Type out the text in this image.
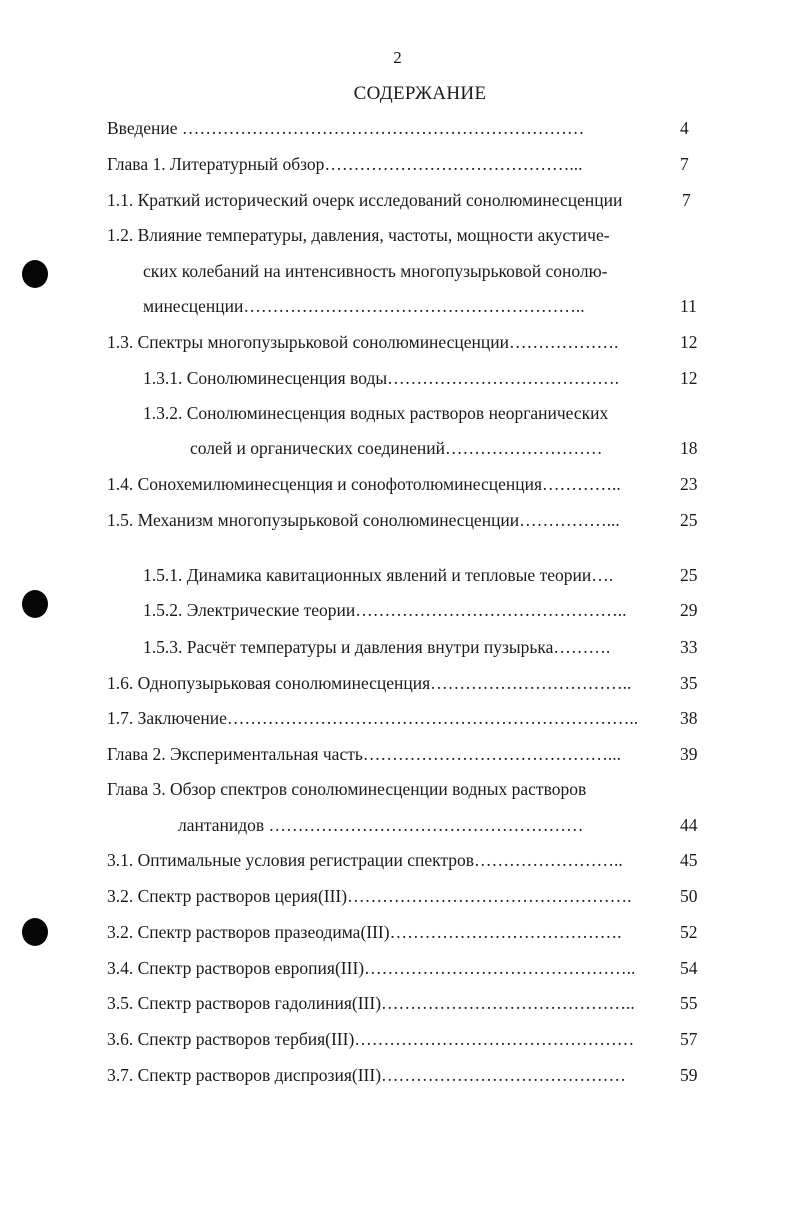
2
СОДЕРЖАНИЕ
Введение ……………………………………………………………	4
Глава 1. Литературный обзор……………………………………...	7
1.1. Краткий исторический очерк исследований сонолюминесценции	7
1.2. Влияние температуры, давления, частоты, мощности акустиче-
ских колебаний на интенсивность многопузырьковой сонолю-
минесценции…………………………………………………..	11
1.3. Спектры многопузырьковой сонолюминесценции……………….	12
1.3.1. Сонолюминесценция воды………………………………….	12
1.3.2. Сонолюминесценция водных растворов неорганических
солей и органических соединений………………………	18
1.4. Сонохемилюминесценция и сонофотолюминесценция…………..	23
1.5. Механизм многопузырьковой сонолюминесценции……………...	25
1.5.1. Динамика кавитационных явлений и тепловые теории….	25
1.5.2. Электрические теории………………………………………..	29
1.5.3. Расчёт температуры и давления внутри пузырька……….	33
1.6. Однопузырьковая сонолюминесценция……………………………..	35
1.7. Заключение……………………………………………………………..	38
Глава 2. Экспериментальная часть……………………………………...	39
Глава 3. Обзор спектров сонолюминесценции водных растворов
лантанидов ………………………………………………	44
3.1. Оптимальные условия регистрации спектров……………………..	45
3.2. Спектр растворов церия(III)………………………………………….	50
3.2. Спектр растворов празеодима(III)………………………………….	52
3.4. Спектр растворов европия(III)………………………………………..	54
3.5. Спектр растворов гадолиния(III)……………………………………..	55
3.6. Спектр растворов тербия(III)…………………………………………	57
3.7. Спектр растворов диспрозия(III)……………………………………	59
